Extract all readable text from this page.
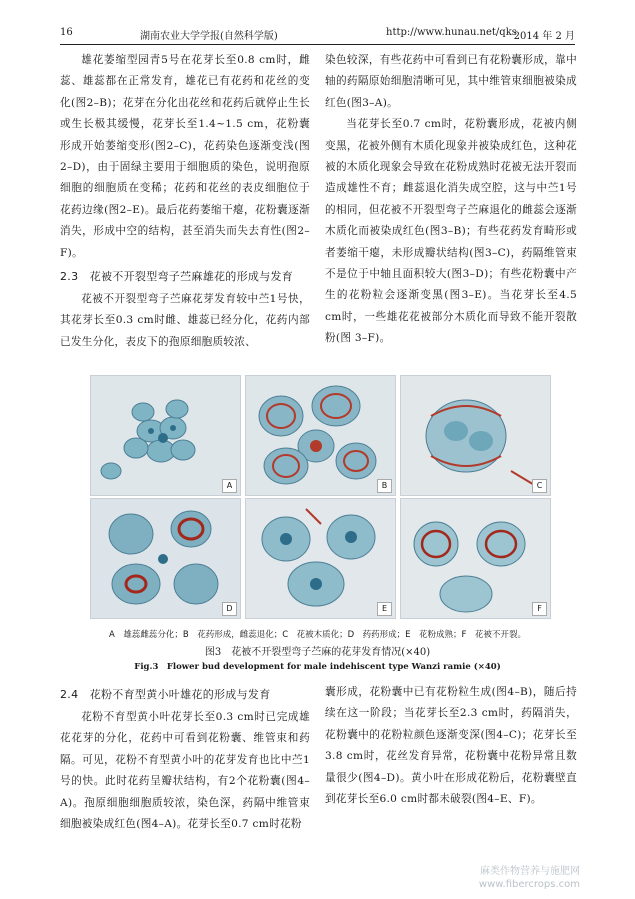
16	湖南农业大学学报(自然科学版)	http://www.hunau.net/qks
2014 年 2 月

雄花萎缩型园青5号在花芽长至0.8 cm时，雌蕊、雄蕊都在正常发育，雄花已有花药和花丝的变化(图2–B)；花芽在分化出花丝和花药后就停止生长或生长极其缓慢，花芽长至1.4~1.5 cm，花粉囊形成开始萎缩变形(图2–C)，花药染色逐渐变浅(图2–D)，由于固绿主要用于细胞质的染色，说明孢原细胞的细胞质在变稀；花药和花丝的表皮细胞位于花药边缘(图2–E)。最后花药萎缩干瘪，花粉囊逐渐消失，形成中空的结构，甚至消失而失去育性(图2–F)。

2.3　花被不开裂型弯子苎麻雄花的形成与发育

花被不开裂型弯子苎麻花芽发育较中苎1号快，其花芽长至0.3 cm时雌、雄蕊已经分化，花药内部已发生分化，表皮下的孢原细胞质较浓、

染色较深，有些花药中可看到已有花粉囊形成，靠中轴的药隔原始细胞清晰可见，其中维管束细胞被染成红色(图3–A)。

当花芽长至0.7 cm时，花粉囊形成，花被内侧变黑，花被外侧有木质化现象并被染成红色，这种花被的木质化现象会导致在花粉成熟时花被无法开裂而造成雄性不育；雌蕊退化消失成空腔，这与中苎1号的相同，但花被不开裂型弯子苎麻退化的雌蕊会逐渐木质化而被染成红色(图3–B)；有些花药发育畸形或者萎缩干瘪，未形成瓣状结构(图3–C)，药隔维管束不是位于中轴且面积较大(图3–D)；有些花粉囊中产生的花粉粒会逐渐变黑(图3–E)。当花芽长至4.5 cm时，一些雄花花被部分木质化而导致不能开裂散粉(图 3–F)。

A	B	C
D	E	F
A　雄蕊雌蕊分化；B　花药形成，雌蕊退化；C　花被木质化；D　药药形成；E　花粉成熟；F　花被不开裂。
图3　花被不开裂型弯子苎麻的花芽发育情况(×40)
Fig.3　Flower bud development for male indehiscent type Wanzi ramie (×40)
2.4　花粉不育型黄小叶雄花的形成与发育

花粉不育型黄小叶花芽长至0.3 cm时已完成雄花花芽的分化，花药中可看到花粉囊、维管束和药隔。可见，花粉不育型黄小叶的花芽发育也比中苎1号的快。此时花药呈瓣状结构，有2个花粉囊(图4–A)。孢原细胞细胞质较浓，染色深，药隔中维管束细胞被染成红色(图4–A)。花芽长至0.7 cm时花粉

囊形成，花粉囊中已有花粉粒生成(图4–B)，随后持续在这一阶段；当花芽长至2.3 cm时，药隔消失，花粉囊中的花粉粒颜色逐渐变深(图4–C)；花芽长至3.8 cm时，花丝发育异常，花粉囊中花粉异常且数量很少(图4–D)。黄小叶在形成花粉后，花粉囊壁直到花芽长至6.0 cm时都未破裂(图4–E、F)。

麻类作物营养与施肥网
www.fibercrops.com
